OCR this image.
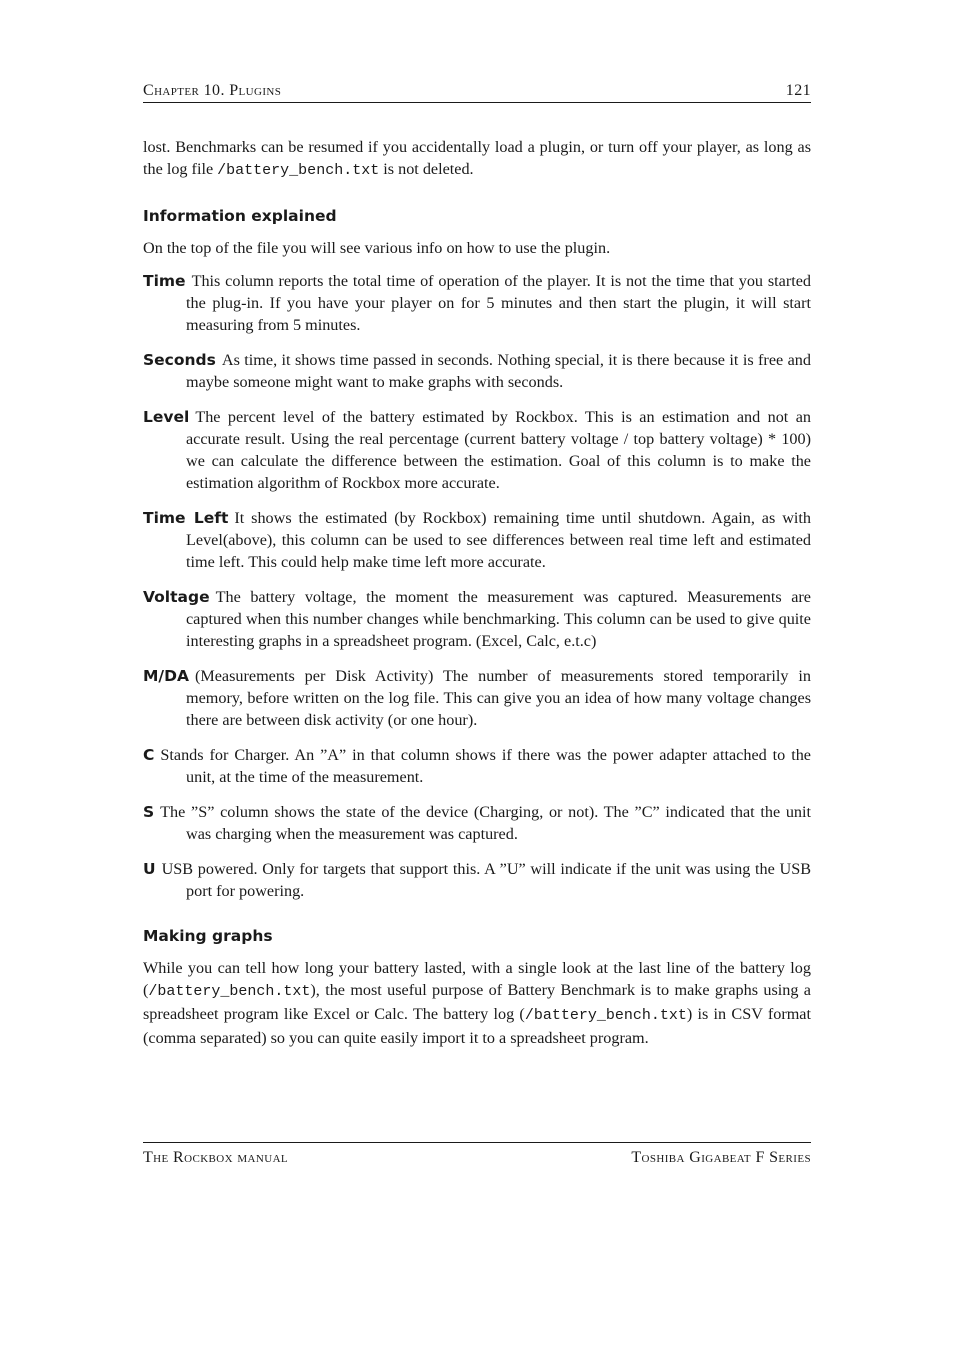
Chapter 10. Plugins	121

lost. Benchmarks can be resumed if you accidentally load a plugin, or turn off your player, as long as the log file /battery_bench.txt is not deleted.

Information explained

On the top of the file you will see various info on how to use the plugin.

Time This column reports the total time of operation of the player. It is not the time that you started the plug-in. If you have your player on for 5 minutes and then start the plugin, it will start measuring from 5 minutes.
Seconds As time, it shows time passed in seconds. Nothing special, it is there because it is free and maybe someone might want to make graphs with seconds.
Level The percent level of the battery estimated by Rockbox. This is an estimation and not an accurate result. Using the real percentage (current battery voltage / top battery voltage) * 100) we can calculate the difference between the estimation. Goal of this column is to make the estimation algorithm of Rockbox more accurate.
Time Left It shows the estimated (by Rockbox) remaining time until shutdown. Again, as with Level(above), this column can be used to see differences between real time left and estimated time left. This could help make time left more accurate.
Voltage The battery voltage, the moment the measurement was captured. Measurements are captured when this number changes while benchmarking. This column can be used to give quite interesting graphs in a spreadsheet program. (Excel, Calc, e.t.c)
M/DA (Measurements per Disk Activity) The number of measurements stored temporarily in memory, before written on the log file. This can give you an idea of how many voltage changes there are between disk activity (or one hour).
C Stands for Charger. An ”A” in that column shows if there was the power adapter attached to the unit, at the time of the measurement.
S The ”S” column shows the state of the device (Charging, or not). The ”C” indicated that the unit was charging when the measurement was captured.
U USB powered. Only for targets that support this. A ”U” will indicate if the unit was using the USB port for powering.
Making graphs

While you can tell how long your battery lasted, with a single look at the last line of the battery log (/battery_bench.txt), the most useful purpose of Battery Benchmark is to make graphs using a spreadsheet program like Excel or Calc. The battery log (/battery_bench.txt) is in CSV format (comma separated) so you can quite easily import it to a spreadsheet program.

The Rockbox manual	Toshiba Gigabeat F Series
